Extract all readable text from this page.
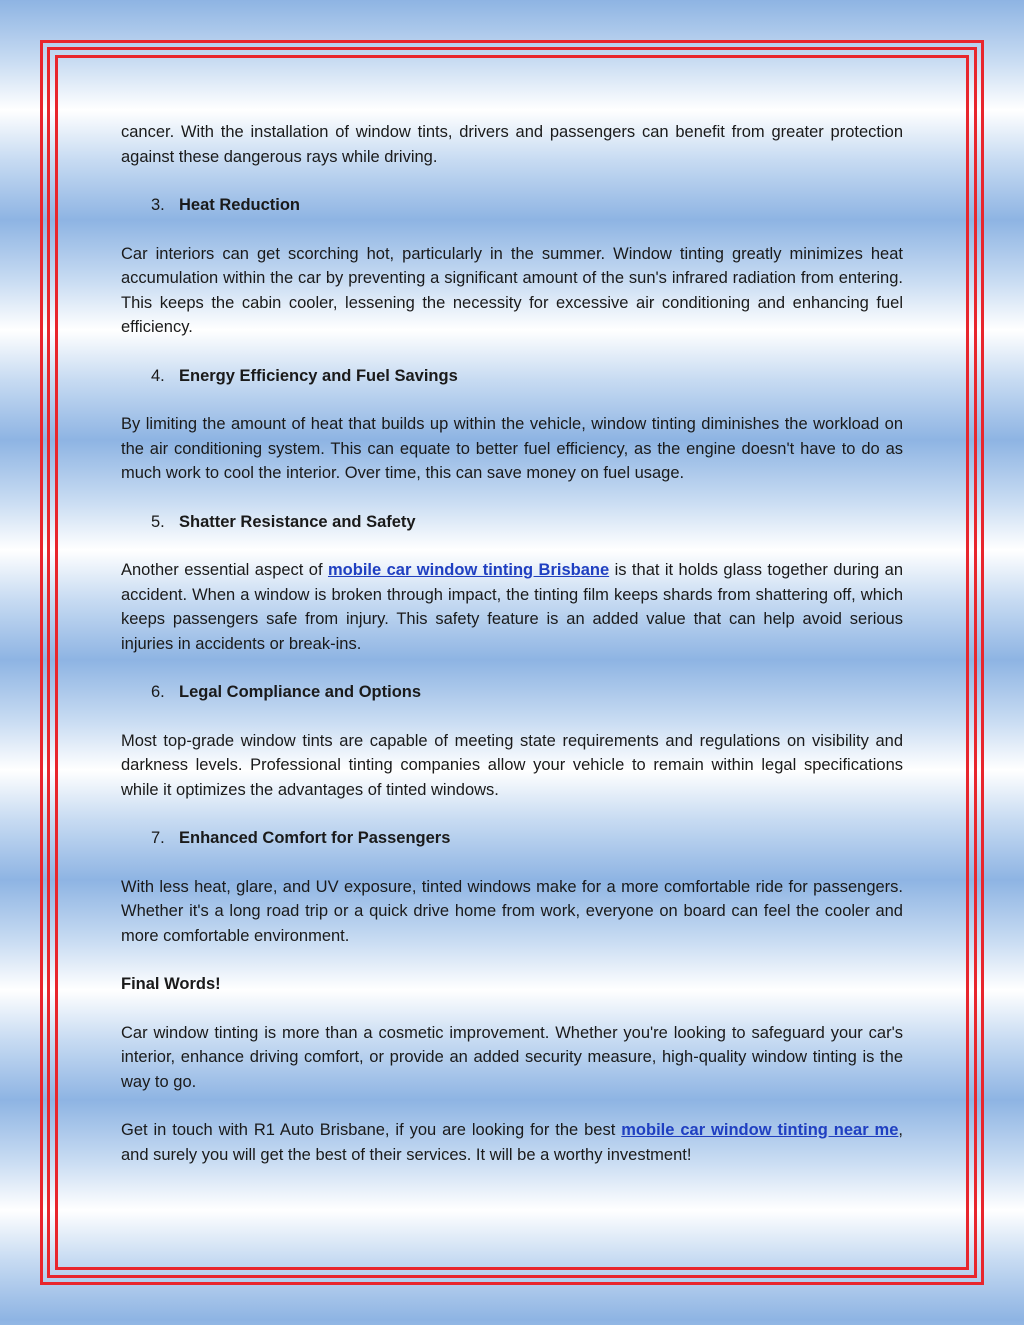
cancer. With the installation of window tints, drivers and passengers can benefit from greater protection against these dangerous rays while driving.

3. Heat Reduction

Car interiors can get scorching hot, particularly in the summer. Window tinting greatly minimizes heat accumulation within the car by preventing a significant amount of the sun's infrared radiation from entering. This keeps the cabin cooler, lessening the necessity for excessive air conditioning and enhancing fuel efficiency.

4. Energy Efficiency and Fuel Savings

By limiting the amount of heat that builds up within the vehicle, window tinting diminishes the workload on the air conditioning system. This can equate to better fuel efficiency, as the engine doesn't have to do as much work to cool the interior. Over time, this can save money on fuel usage.

5. Shatter Resistance and Safety

Another essential aspect of mobile car window tinting Brisbane is that it holds glass together during an accident. When a window is broken through impact, the tinting film keeps shards from shattering off, which keeps passengers safe from injury. This safety feature is an added value that can help avoid serious injuries in accidents or break-ins.

6. Legal Compliance and Options

Most top-grade window tints are capable of meeting state requirements and regulations on visibility and darkness levels. Professional tinting companies allow your vehicle to remain within legal specifications while it optimizes the advantages of tinted windows.

7. Enhanced Comfort for Passengers

With less heat, glare, and UV exposure, tinted windows make for a more comfortable ride for passengers. Whether it's a long road trip or a quick drive home from work, everyone on board can feel the cooler and more comfortable environment.

Final Words!

Car window tinting is more than a cosmetic improvement. Whether you're looking to safeguard your car's interior, enhance driving comfort, or provide an added security measure, high-quality window tinting is the way to go.

Get in touch with R1 Auto Brisbane, if you are looking for the best mobile car window tinting near me, and surely you will get the best of their services. It will be a worthy investment!
